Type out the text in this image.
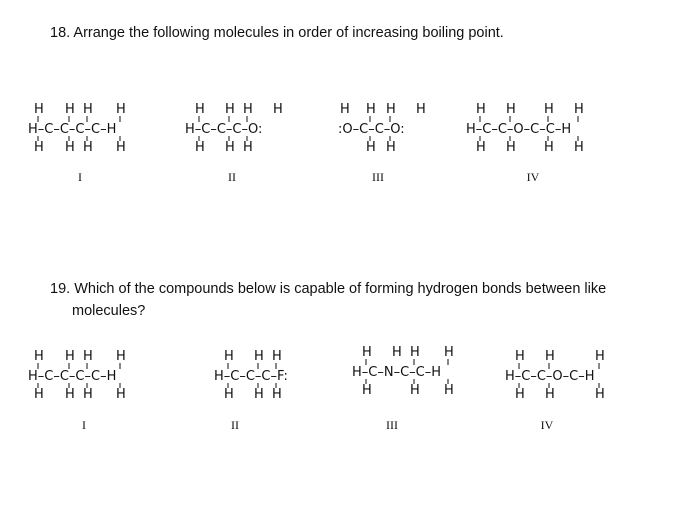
18. Arrange the following molecules in order of increasing boiling point.
H H H H
H–C–C–C–C–H
H H H H
I
H H H H
H–C–C–C–O:
H H H
II
H H H H
:O–C–C–O:
H H
III
H H H H
H–C–C–O–C–C–H
H H H H
IV
19. Which of the compounds below is capable of forming hydrogen bonds between like
molecules?
H H H H
H–C–C–C–C–H
H H H H
I
H H H
H–C–C–C–F:
H H H
II
H H H H
H–C–N–C–C–H
H	H H
III
H H	H
H–C–C–O–C–H
H H	H
IV
